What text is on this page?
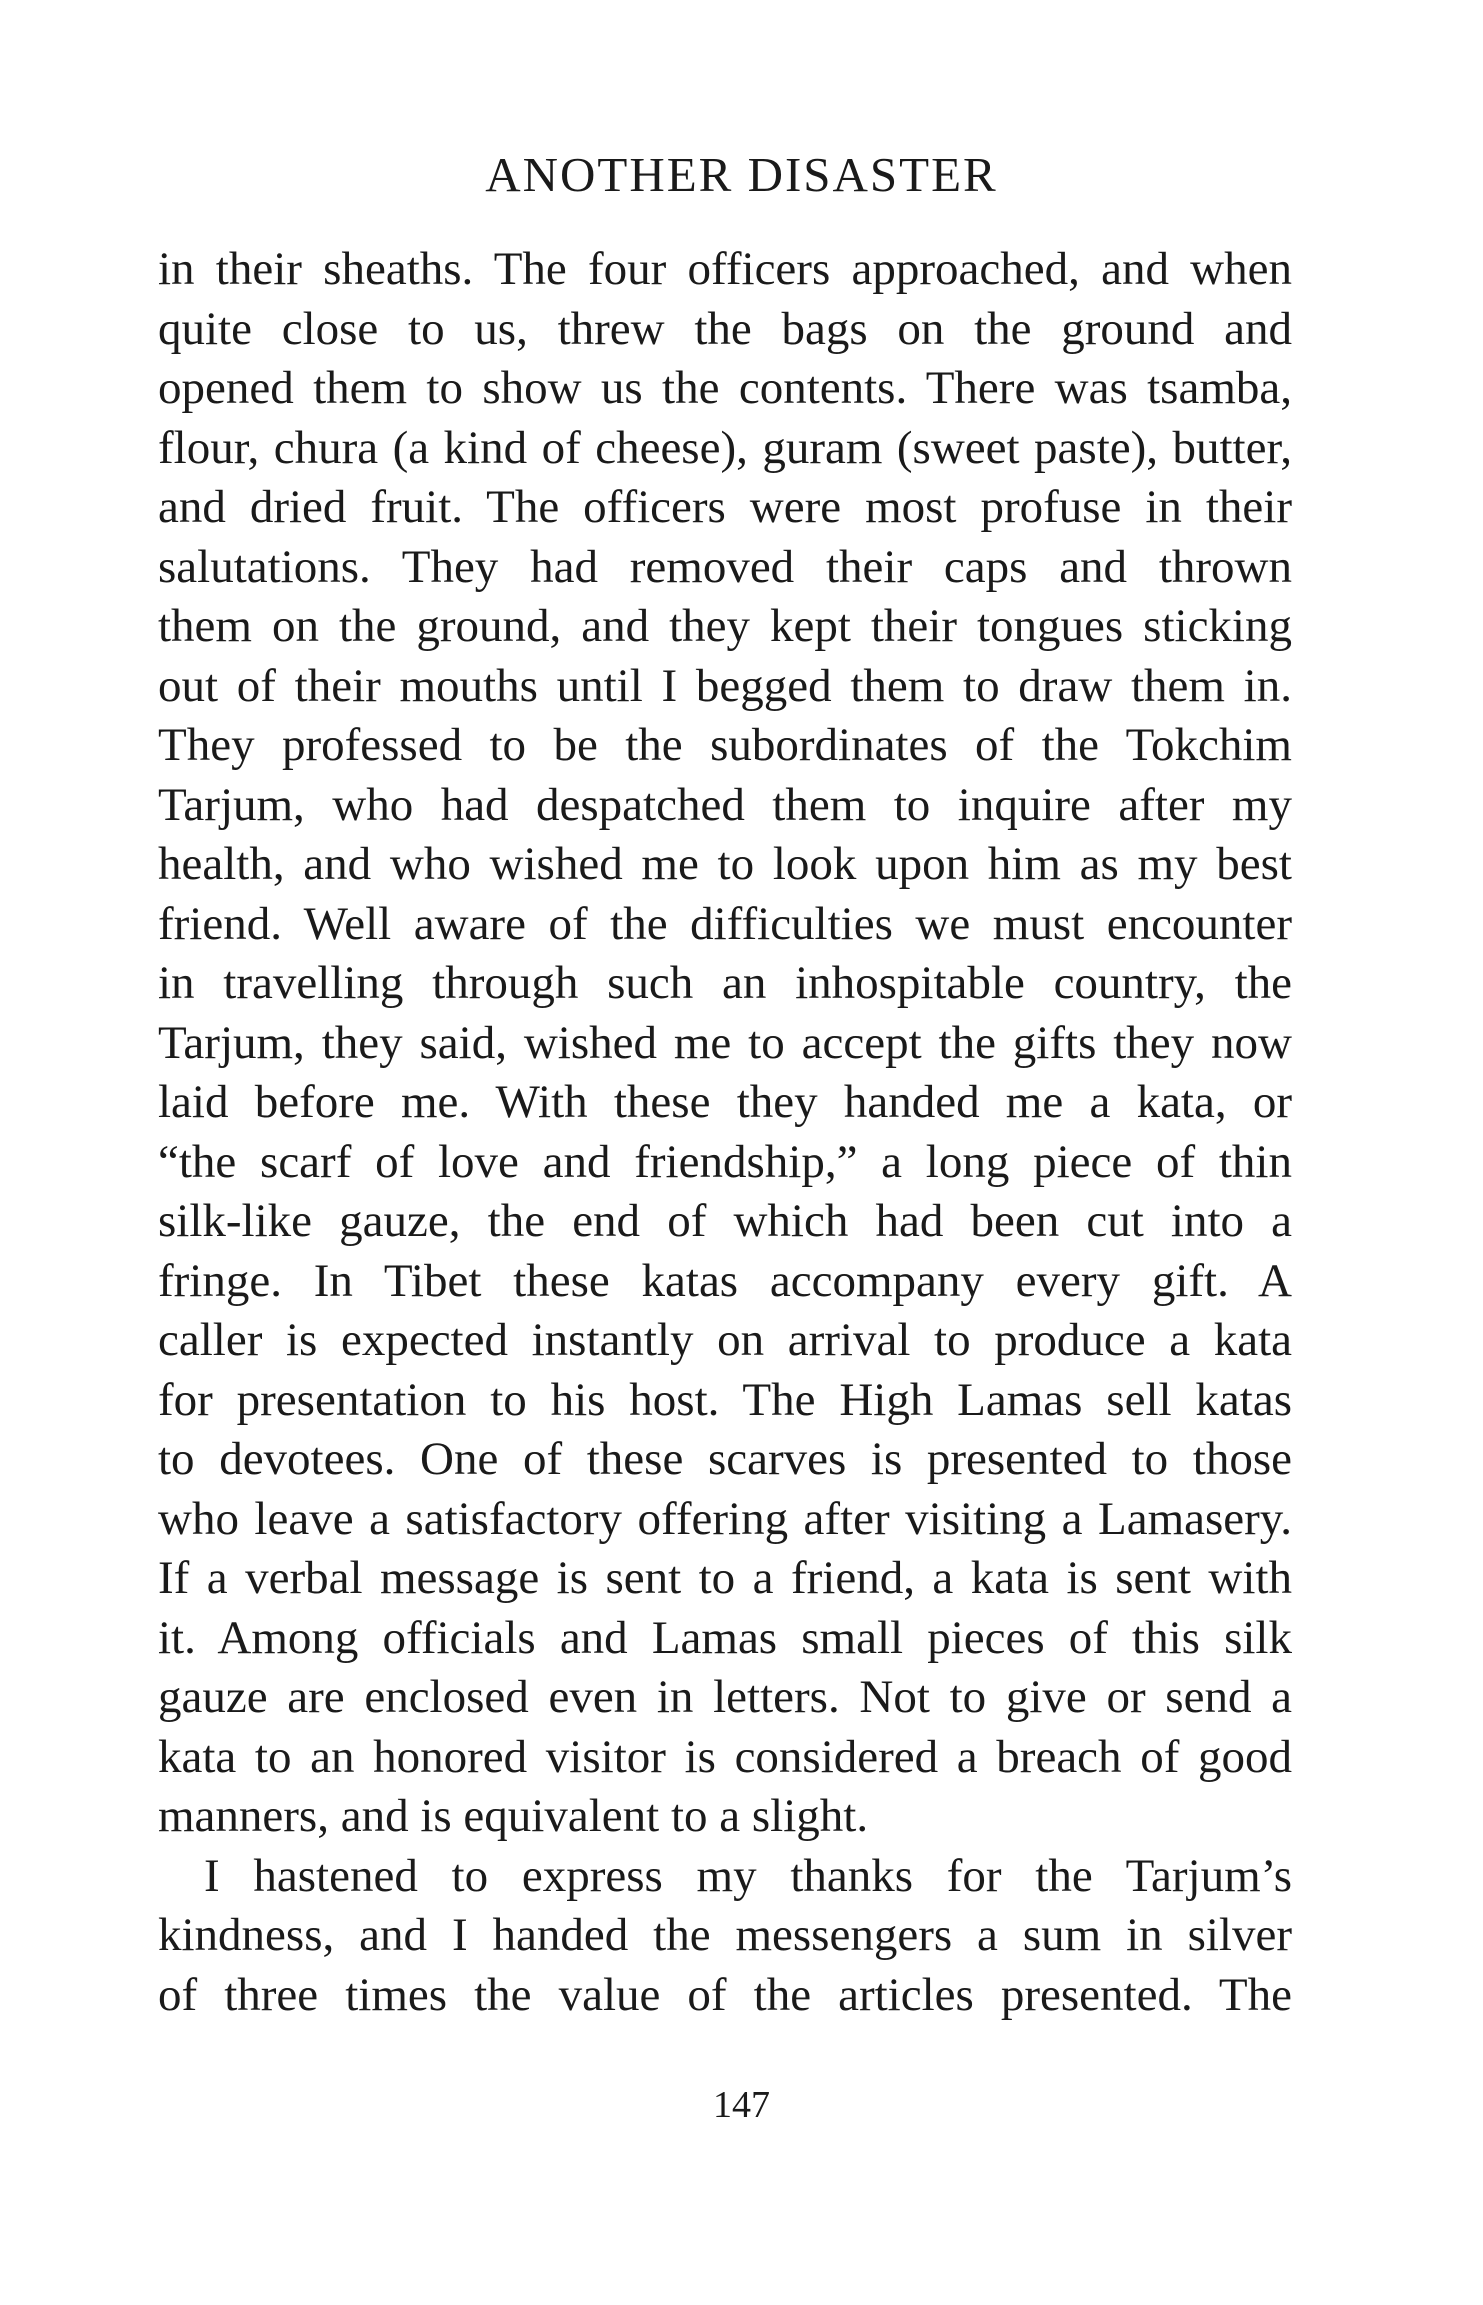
ANOTHER DISASTER
in their sheaths. The four officers approached, and when
quite close to us, threw the bags on the ground and
opened them to show us the contents. There was tsamba,
flour, chura (a kind of cheese), guram (sweet paste), butter,
and dried fruit. The officers were most profuse in their
salutations. They had removed their caps and thrown
them on the ground, and they kept their tongues sticking
out of their mouths until I begged them to draw them in.
They professed to be the subordinates of the Tokchim
Tarjum, who had despatched them to inquire after my
health, and who wished me to look upon him as my best
friend. Well aware of the difficulties we must encounter
in travelling through such an inhospitable country, the
Tarjum, they said, wished me to accept the gifts they now
laid before me. With these they handed me a kata, or
“the scarf of love and friendship,” a long piece of thin
silk-like gauze, the end of which had been cut into a
fringe. In Tibet these katas accompany every gift. A
caller is expected instantly on arrival to produce a kata
for presentation to his host. The High Lamas sell katas
to devotees. One of these scarves is presented to those
who leave a satisfactory offering after visiting a Lamasery.
If a verbal message is sent to a friend, a kata is sent with
it. Among officials and Lamas small pieces of this silk
gauze are enclosed even in letters. Not to give or send a
kata to an honored visitor is considered a breach of good
manners, and is equivalent to a slight.
I hastened to express my thanks for the Tarjum’s
kindness, and I handed the messengers a sum in silver
of three times the value of the articles presented. The
147
